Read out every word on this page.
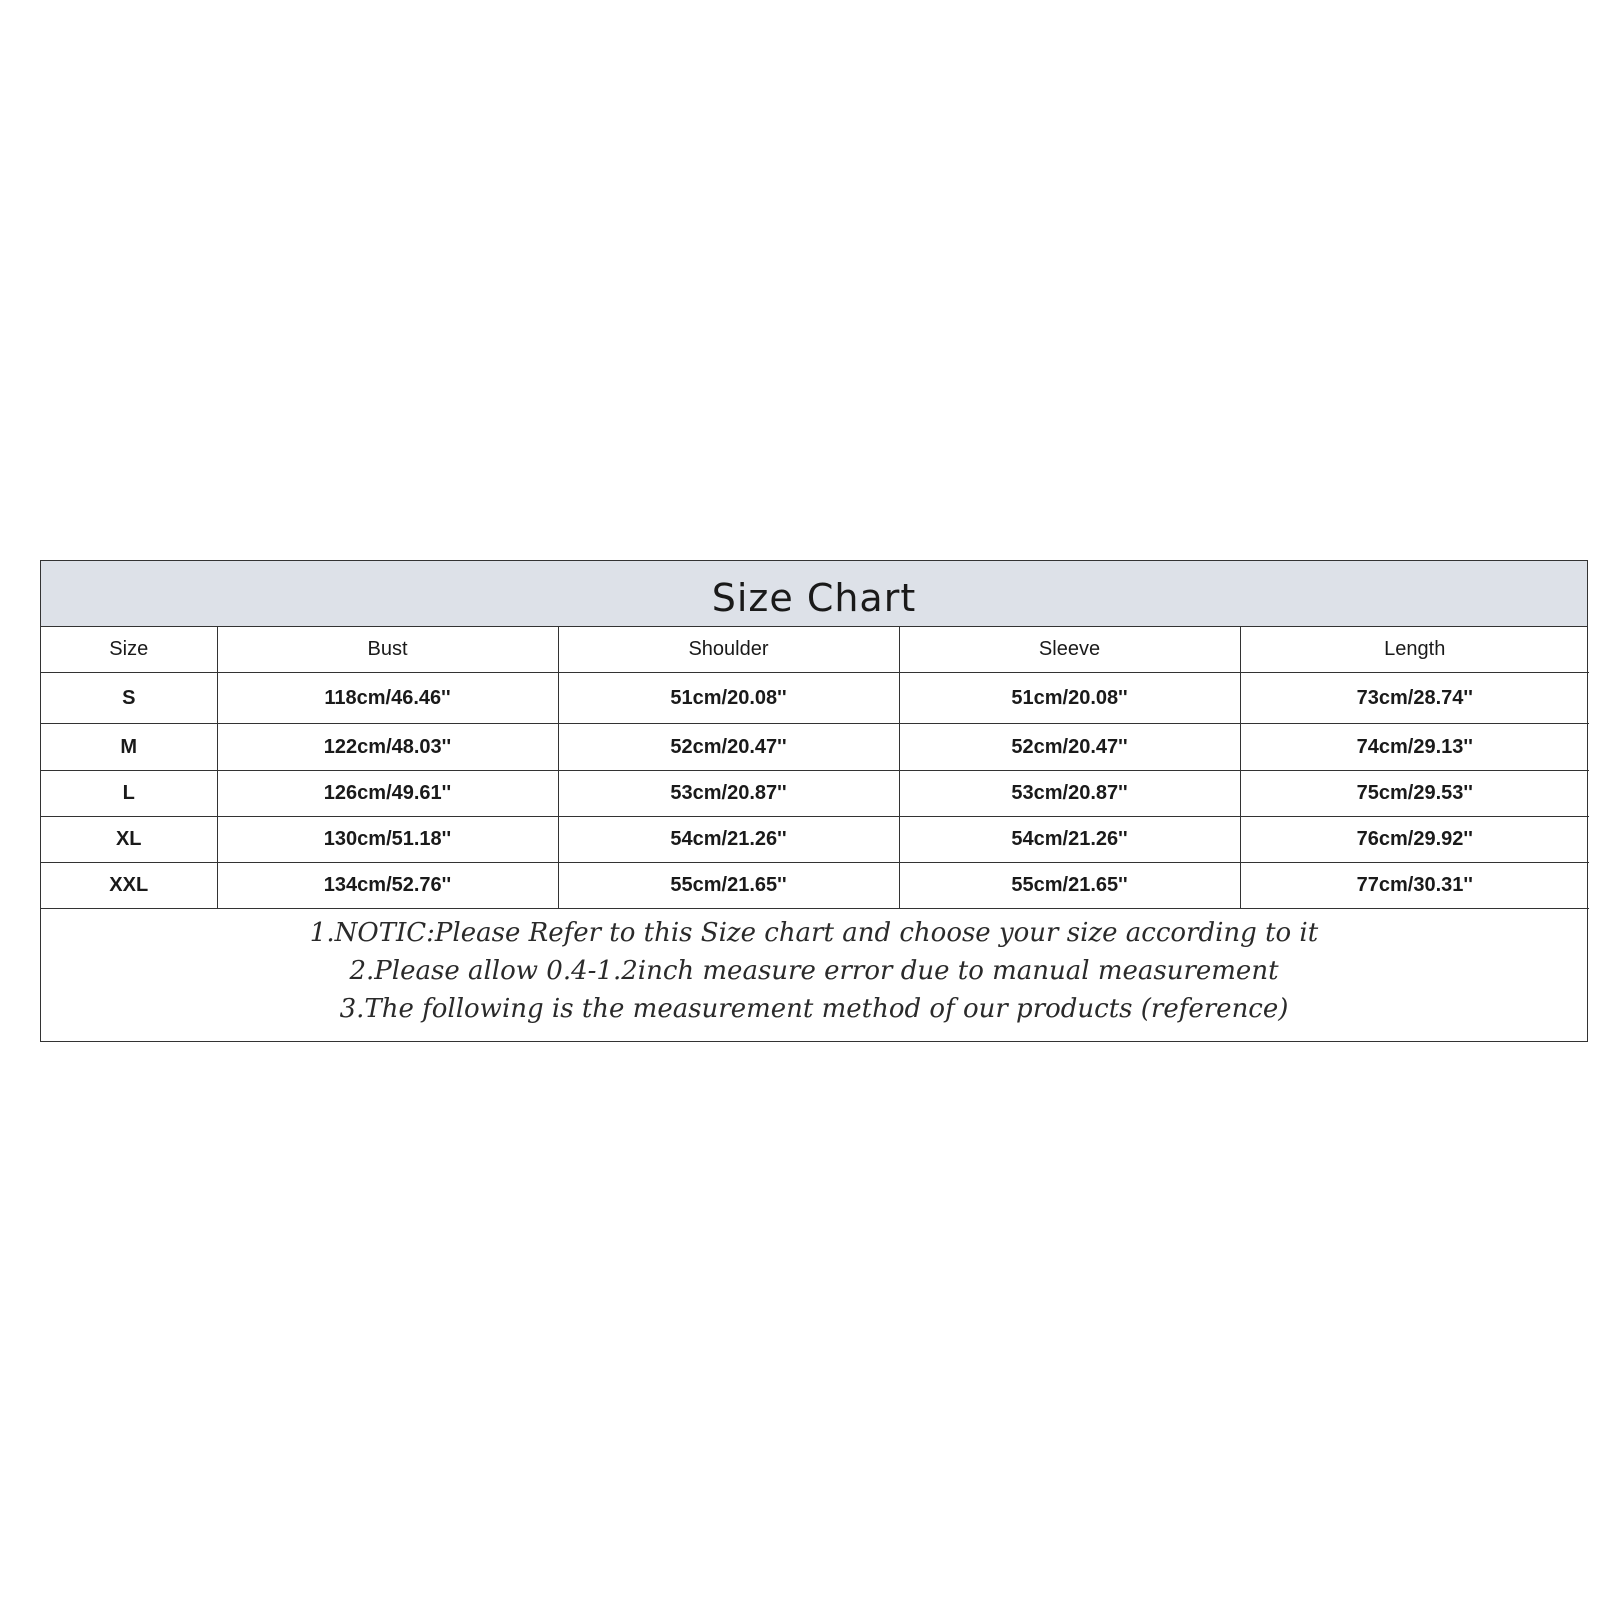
Size Chart
Size	Bust	Shoulder	Sleeve	Length
S	118cm/46.46''	51cm/20.08''	51cm/20.08''	73cm/28.74''
M	122cm/48.03''	52cm/20.47''	52cm/20.47''	74cm/29.13''
L	126cm/49.61''	53cm/20.87''	53cm/20.87''	75cm/29.53''
XL	130cm/51.18''	54cm/21.26''	54cm/21.26''	76cm/29.92''
XXL	134cm/52.76''	55cm/21.65''	55cm/21.65''	77cm/30.31''
1.NOTIC:Please Refer to this Size chart and choose your size according to it
2.Please allow 0.4-1.2inch measure error due to manual measurement
3.The following is the measurement method of our products (reference)
